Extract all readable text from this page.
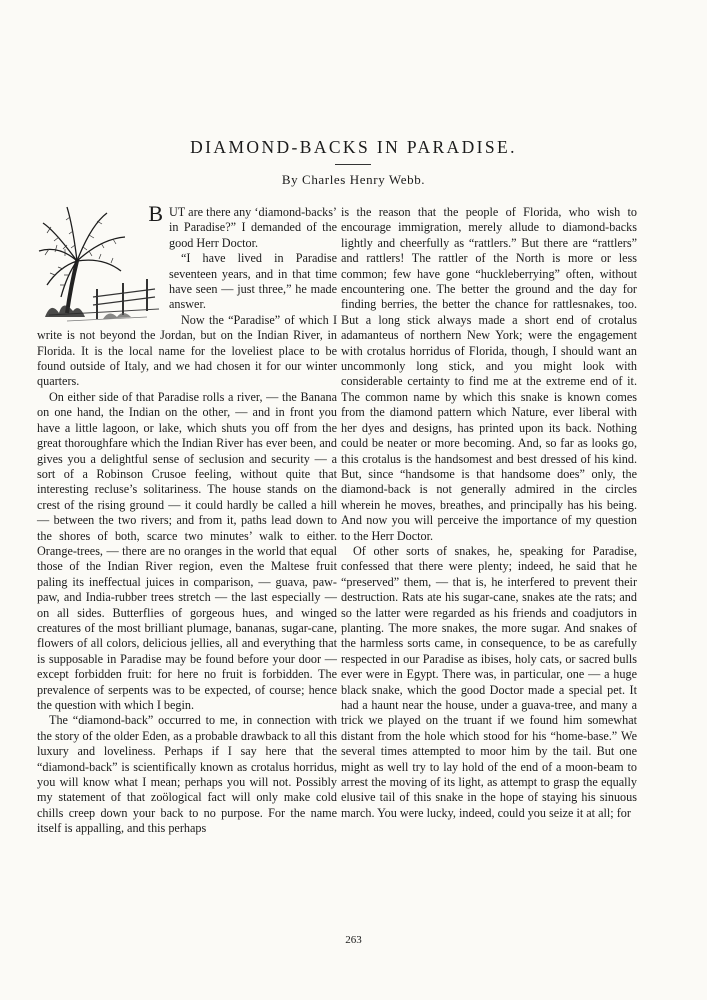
DIAMOND-BACKS IN PARADISE.
By Charles Henry Webb.
B UT are there any ‘diamond-backs’ in Paradise?” I demanded of the good Herr Doctor.

“I have lived in Paradise seventeen years, and in that time have seen — just three,” he made answer.

Now the “Paradise” of which I write is not beyond the Jordan, but on the Indian River, in Florida. It is the local name for the loveliest place to be found outside of Italy, and we had chosen it for our winter quarters.

On either side of that Paradise rolls a river, — the Banana on one hand, the Indian on the other, — and in front you have a little lagoon, or lake, which shuts you off from the great thoroughfare which the Indian River has ever been, and gives you a delightful sense of seclusion and security — a sort of a Robinson Crusoe feeling, without quite that interesting recluse’s solitariness. The house stands on the crest of the rising ground — it could hardly be called a hill — between the two rivers; and from it, paths lead down to the shores of both, scarce two minutes’ walk to either. Orange-trees, — there are no oranges in the world that equal those of the Indian River region, even the Maltese fruit paling its ineffectual juices in comparison, — guava, paw-paw, and India-rubber trees stretch — the last especially — on all sides. Butterflies of gorgeous hues, and winged creatures of the most brilliant plumage, bananas, sugar-cane, flowers of all colors, delicious jellies, all and everything that is supposable in Paradise may be found before your door — except forbidden fruit: for here no fruit is forbidden. The prevalence of serpents was to be expected, of course; hence the question with which I begin.

The “diamond-back” occurred to me, in connection with the story of the older Eden, as a probable drawback to all this luxury and loveliness. Perhaps if I say here that the “diamond-back” is scientifically known as crotalus horridus, you will know what I mean; perhaps you will not. Possibly my statement of that zoölogical fact will only make cold chills creep down your back to no purpose. For the name itself is appalling, and this perhaps

is the reason that the people of Florida, who wish to encourage immigration, merely allude to diamond-backs lightly and cheerfully as “rattlers.” But there are “rattlers” and rattlers! The rattler of the North is more or less common; few have gone “huckleberrying” often, without encountering one. The better the ground and the day for finding berries, the better the chance for rattlesnakes, too. But a long stick always made a short end of crotalus adamanteus of northern New York; were the engagement with crotalus horridus of Florida, though, I should want an uncommonly long stick, and you might look with considerable certainty to find me at the extreme end of it. The common name by which this snake is known comes from the diamond pattern which Nature, ever liberal with her dyes and designs, has printed upon its back. Nothing could be neater or more becoming. And, so far as looks go, this crotalus is the handsomest and best dressed of his kind. But, since “handsome is that handsome does” only, the diamond-back is not generally admired in the circles wherein he moves, breathes, and principally has his being. And now you will perceive the importance of my question to the Herr Doctor.

Of other sorts of snakes, he, speaking for Paradise, confessed that there were plenty; indeed, he said that he “preserved” them, — that is, he interfered to prevent their destruction. Rats ate his sugar-cane, snakes ate the rats; and so the latter were regarded as his friends and coadjutors in planting. The more snakes, the more sugar. And snakes of the harmless sorts came, in consequence, to be as carefully respected in our Paradise as ibises, holy cats, or sacred bulls ever were in Egypt. There was, in particular, one — a huge black snake, which the good Doctor made a special pet. It had a haunt near the house, under a guava-tree, and many a trick we played on the truant if we found him somewhat distant from the hole which stood for his “home-base.” We several times attempted to moor him by the tail. But one might as well try to lay hold of the end of a moon-beam to arrest the moving of its light, as attempt to grasp the equally elusive tail of this snake in the hope of staying his sinuous march. You were lucky, indeed, could you seize it at all; for

263
